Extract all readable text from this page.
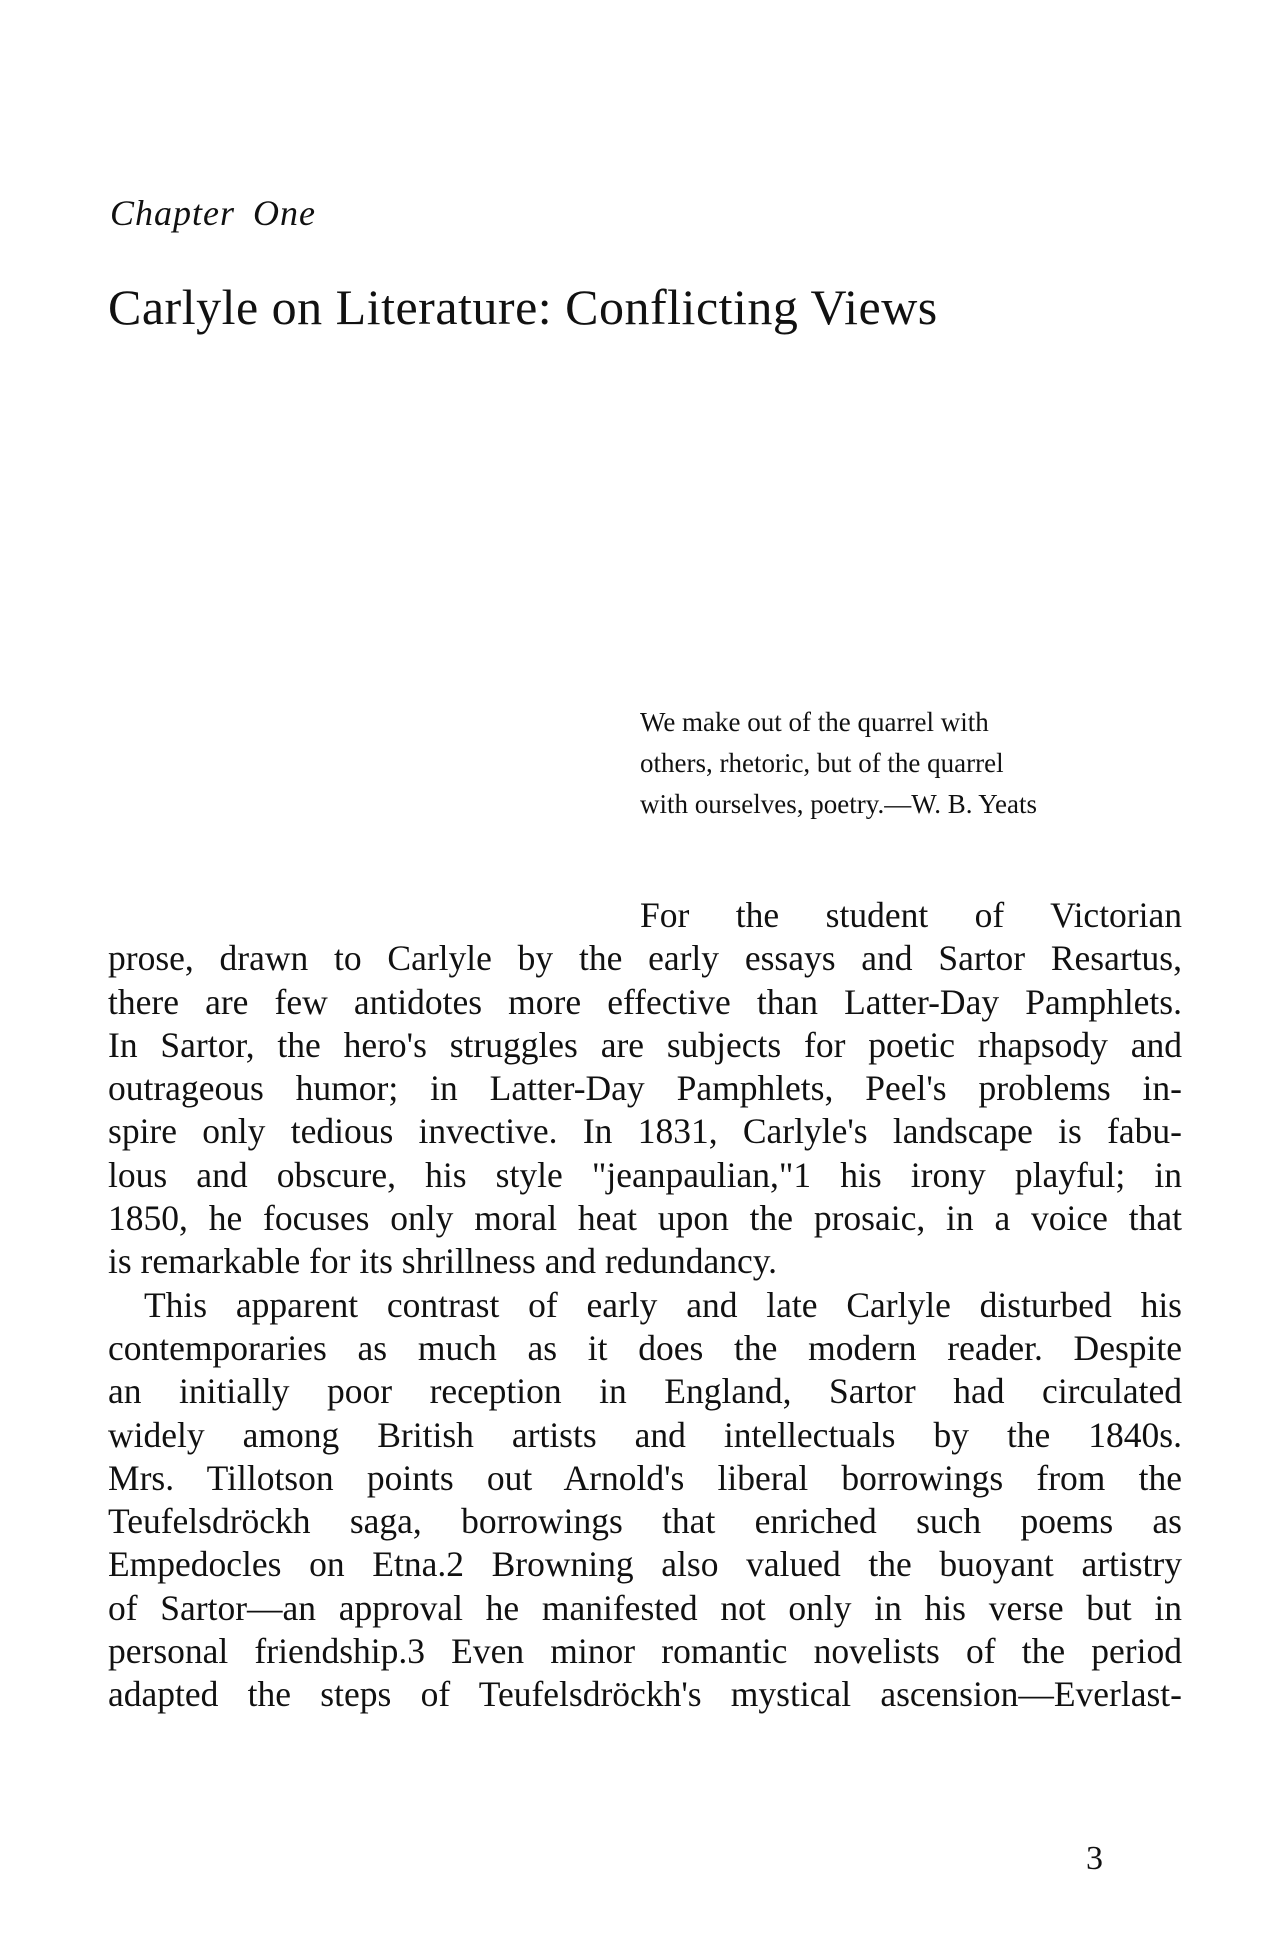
Chapter One

Carlyle on Literature: Conflicting Views
We make out of the quarrel with
others, rhetoric, but of the quarrel
with ourselves, poetry.—W. B. Yeats
For the student of Victorian
prose, drawn to Carlyle by the early essays and Sartor Resartus,
there are few antidotes more effective than Latter-Day Pamphlets.
In Sartor, the hero's struggles are subjects for poetic rhapsody and
outrageous humor; in Latter-Day Pamphlets, Peel's problems in-
spire only tedious invective. In 1831, Carlyle's landscape is fabu-
lous and obscure, his style "jeanpaulian,"1 his irony playful; in
1850, he focuses only moral heat upon the prosaic, in a voice that
is remarkable for its shrillness and redundancy.
This apparent contrast of early and late Carlyle disturbed his
contemporaries as much as it does the modern reader. Despite
an initially poor reception in England, Sartor had circulated
widely among British artists and intellectuals by the 1840s.
Mrs. Tillotson points out Arnold's liberal borrowings from the
Teufelsdröckh saga, borrowings that enriched such poems as
Empedocles on Etna.2 Browning also valued the buoyant artistry
of Sartor—an approval he manifested not only in his verse but in
personal friendship.3 Even minor romantic novelists of the period
adapted the steps of Teufelsdröckh's mystical ascension—Everlast-

3
